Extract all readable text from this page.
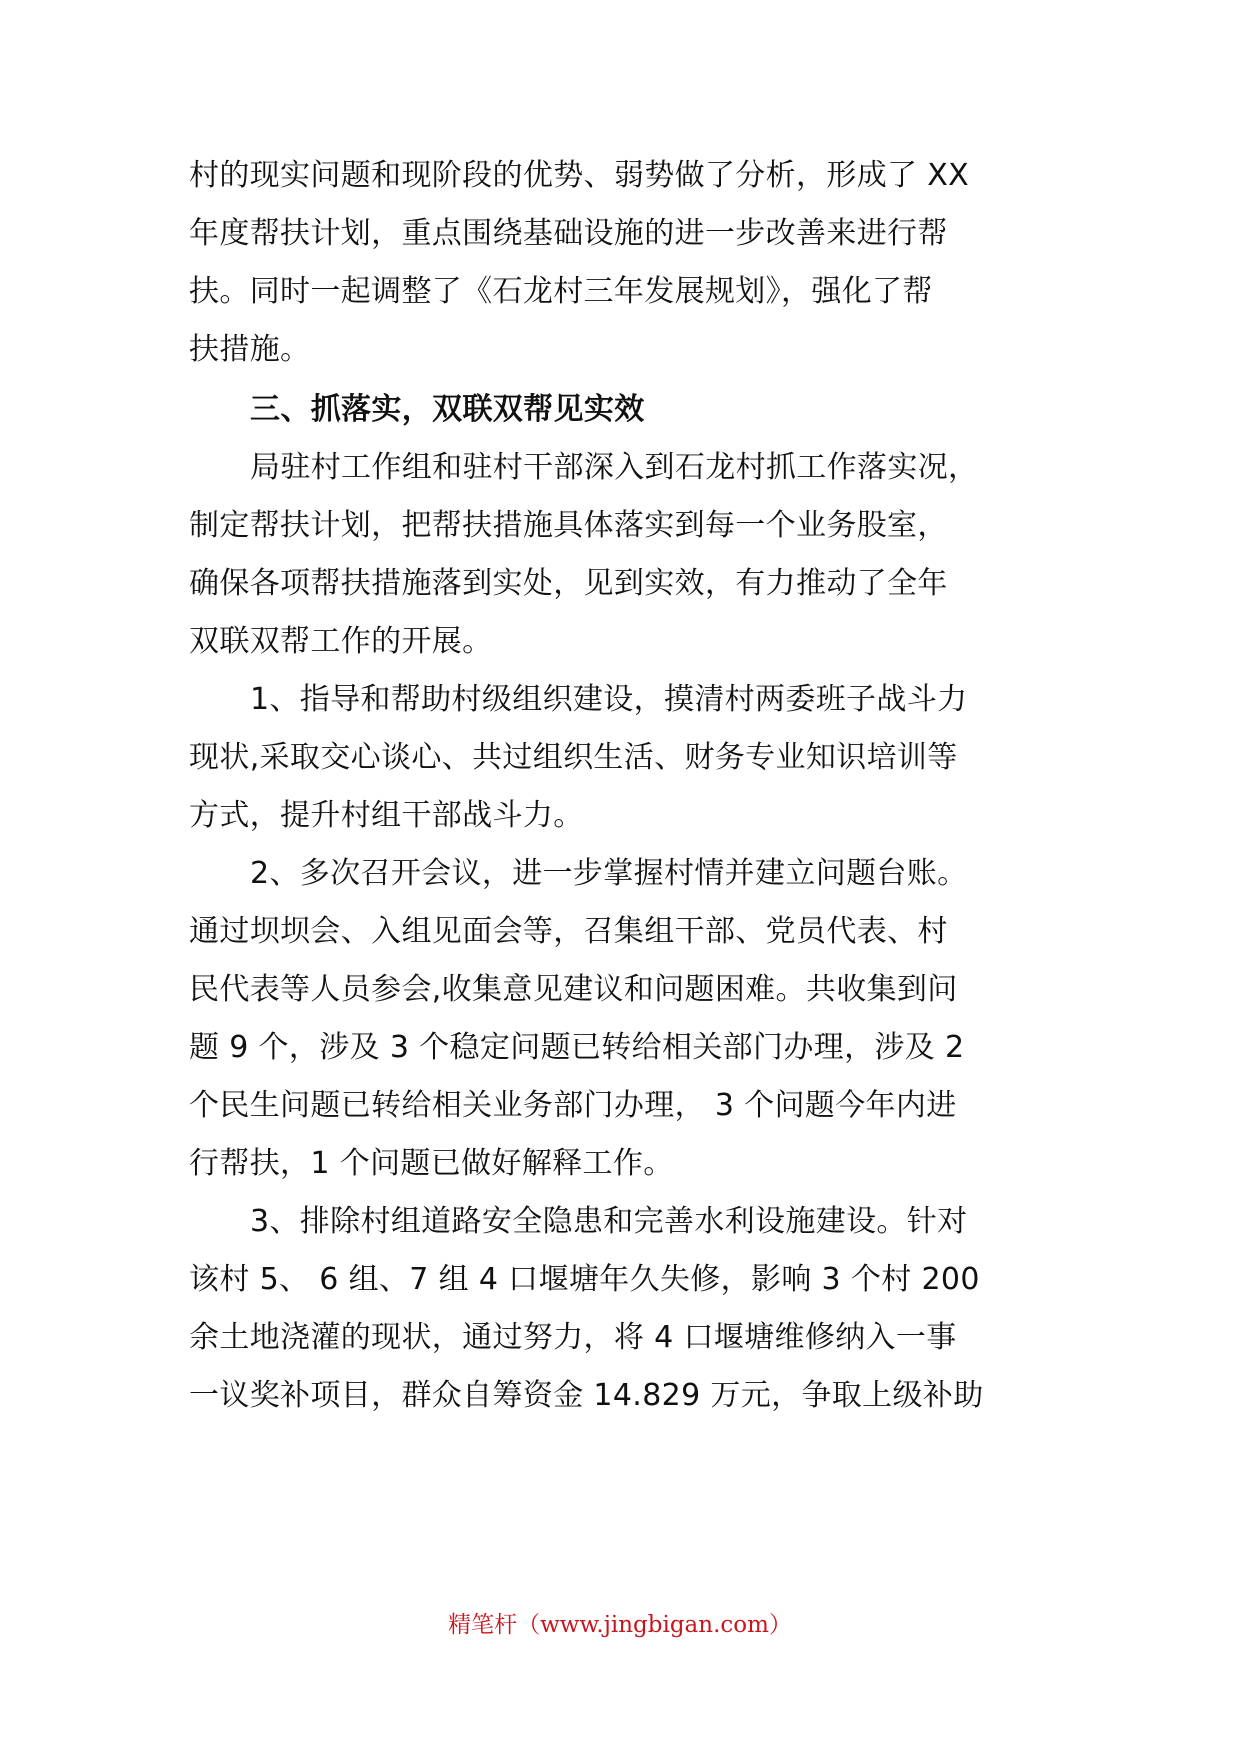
村的现实问题和现阶段的优势、弱势做了分析，形成了 XX

年度帮扶计划，重点围绕基础设施的进一步改善来进行帮

扶。同时一起调整了《石龙村三年发展规划》，强化了帮

扶措施。

三、抓落实，双联双帮见实效

局驻村工作组和驻村干部深入到石龙村抓工作落实况，

制定帮扶计划，把帮扶措施具体落实到每一个业务股室，

确保各项帮扶措施落到实处，见到实效，有力推动了全年

双联双帮工作的开展。

1、指导和帮助村级组织建设，摸清村两委班子战斗力

现状,采取交心谈心、共过组织生活、财务专业知识培训等

方式，提升村组干部战斗力。

2、多次召开会议，进一步掌握村情并建立问题台账。

通过坝坝会、入组见面会等，召集组干部、党员代表、村

民代表等人员参会,收集意见建议和问题困难。共收集到问

题 9 个，涉及 3 个稳定问题已转给相关部门办理，涉及 2

个民生问题已转给相关业务部门办理， 3 个问题今年内进

行帮扶，1 个问题已做好解释工作。

3、排除村组道路安全隐患和完善水利设施建设。针对

该村 5、 6 组、7 组 4 口堰塘年久失修，影响 3 个村 200

余土地浇灌的现状，通过努力，将 4 口堰塘维修纳入一事

一议奖补项目，群众自筹资金 14.829 万元，争取上级补助

精笔杆（www.jingbigan.com）
